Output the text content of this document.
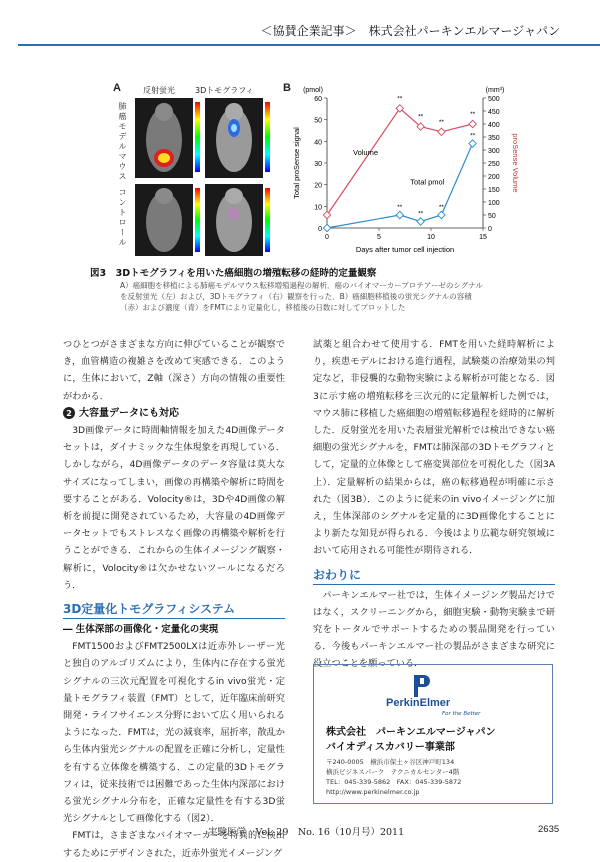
＜協賛企業記事＞　株式会社パーキンエルマージャパン
A	反射蛍光	3Dトモグラフィ
肺癌モデルマウス
コントロール
B
0
10
20
30
40
50
60
0
50
100
150
200
250
300
350
400
450
500
0	5	10	15
Days after tumor cell injection
(pmol)	(mm³)
Total proSense signal	proSense Volume
Volume
Total pmol
**
**
**
**
**
**
**
**
図3　3Dトモグラフィを用いた癌細胞の増殖転移の経時的定量観察
A）癌細胞を移植による肺癌モデルマウス転移増殖過程の解析．癌のバイオマーカープロテアーゼのシグナル
を反射蛍光（左）および，3Dトモグラフィ（右）観察を行った．B）癌細胞移植後の蛍光シグナルの容積
（赤）および濃度（青）をFMTにより定量化し，移植後の日数に対してプロットした

つひとつがさまざまな方向に伸びていることが観察でき，血管構造の複雑さを改めて実感できる．このように，生体において，Z軸（深さ）方向の情報の重要性がわかる．

2 大容量データにも対応

3D画像データに時間軸情報を加えた4D画像データセットは，ダイナミックな生体現象を再現している．しかしながら，4D画像データのデータ容量は莫大なサイズになってしまい，画像の再構築や解析に時間を要することがある．Volocity®は，3Dや4D画像の解析を前提に開発されているため，大容量の4D画像データセットでもストレスなく画像の再構築や解析を行うことができる．これからの生体イメージング観察・解析に，Volocity®は欠かせないツールになるだろう．

3D定量化トモグラフィシステム
― 生体深部の画像化・定量化の実現

FMT1500およびFMT2500LXは近赤外レーザー光と独自のアルゴリズムにより，生体内に存在する蛍光シグナルの三次元配置を可視化するin vivo蛍光・定量トモグラフィ装置（FMT）として，近年臨床前研究開発・ライフサイエンス分野において広く用いられるようになった．FMTは，光の減衰率，屈折率，散乱から生体内蛍光シグナルの配置を正確に分析し，定量性を有する立体像を構築する．この定量的3Dトモグラフィは，従来技術では困難であった生体内深部における蛍光シグナル分布を，正確な定量性を有する3D蛍光シグナルとして画像化する（図2）．

FMTは，さまざまなバイオマーカーを特異的に検出するためにデザインされた，近赤外蛍光イメージング

試薬と組合わせて使用する．FMTを用いた経時解析により，疾患モデルにおける進行過程，試験薬の治療効果の判定など，非侵襲的な動物実験による解析が可能となる．図3に示す癌の増殖転移を三次元的に定量解析した例では，マウス肺に移植した癌細胞の増殖転移過程を経時的に解析した．反射蛍光を用いた表層蛍光解析では検出できない癌細胞の蛍光シグナルを，FMTは肺深部の3Dトモグラフィとして，定量的立体像として癌変異部位を可視化した（図3A上）．定量解析の結果からは，癌の転移過程が明確に示された（図3B）．このように従来のin vivoイメージングに加え，生体深部のシグナルを定量的に3D画像化することにより新たな知見が得られる．今後はより広範な研究領域において応用される可能性が期待される．

おわりに

パーキンエルマー社では，生体イメージング製品だけではなく，スクリーニングから，細胞実験・動物実験まで研究をトータルでサポートするための製品開発を行っている．今後もパーキンエルマー社の製品がさまざまな研究に役立つことを願っている．

PerkinElmer
For the Better
株式会社　パーキンエルマージャパン
バイオディスカバリー事業部
〒240-0005　横浜市保土ヶ谷区神戸町134
横浜ビジネスパーク　テクニカルセンター4階
TEL：045-339-5862　FAX：045-339-5872
http://www.perkinelmer.co.jp
実験医学　Vol. 29　No. 16（10月号）2011	2635
